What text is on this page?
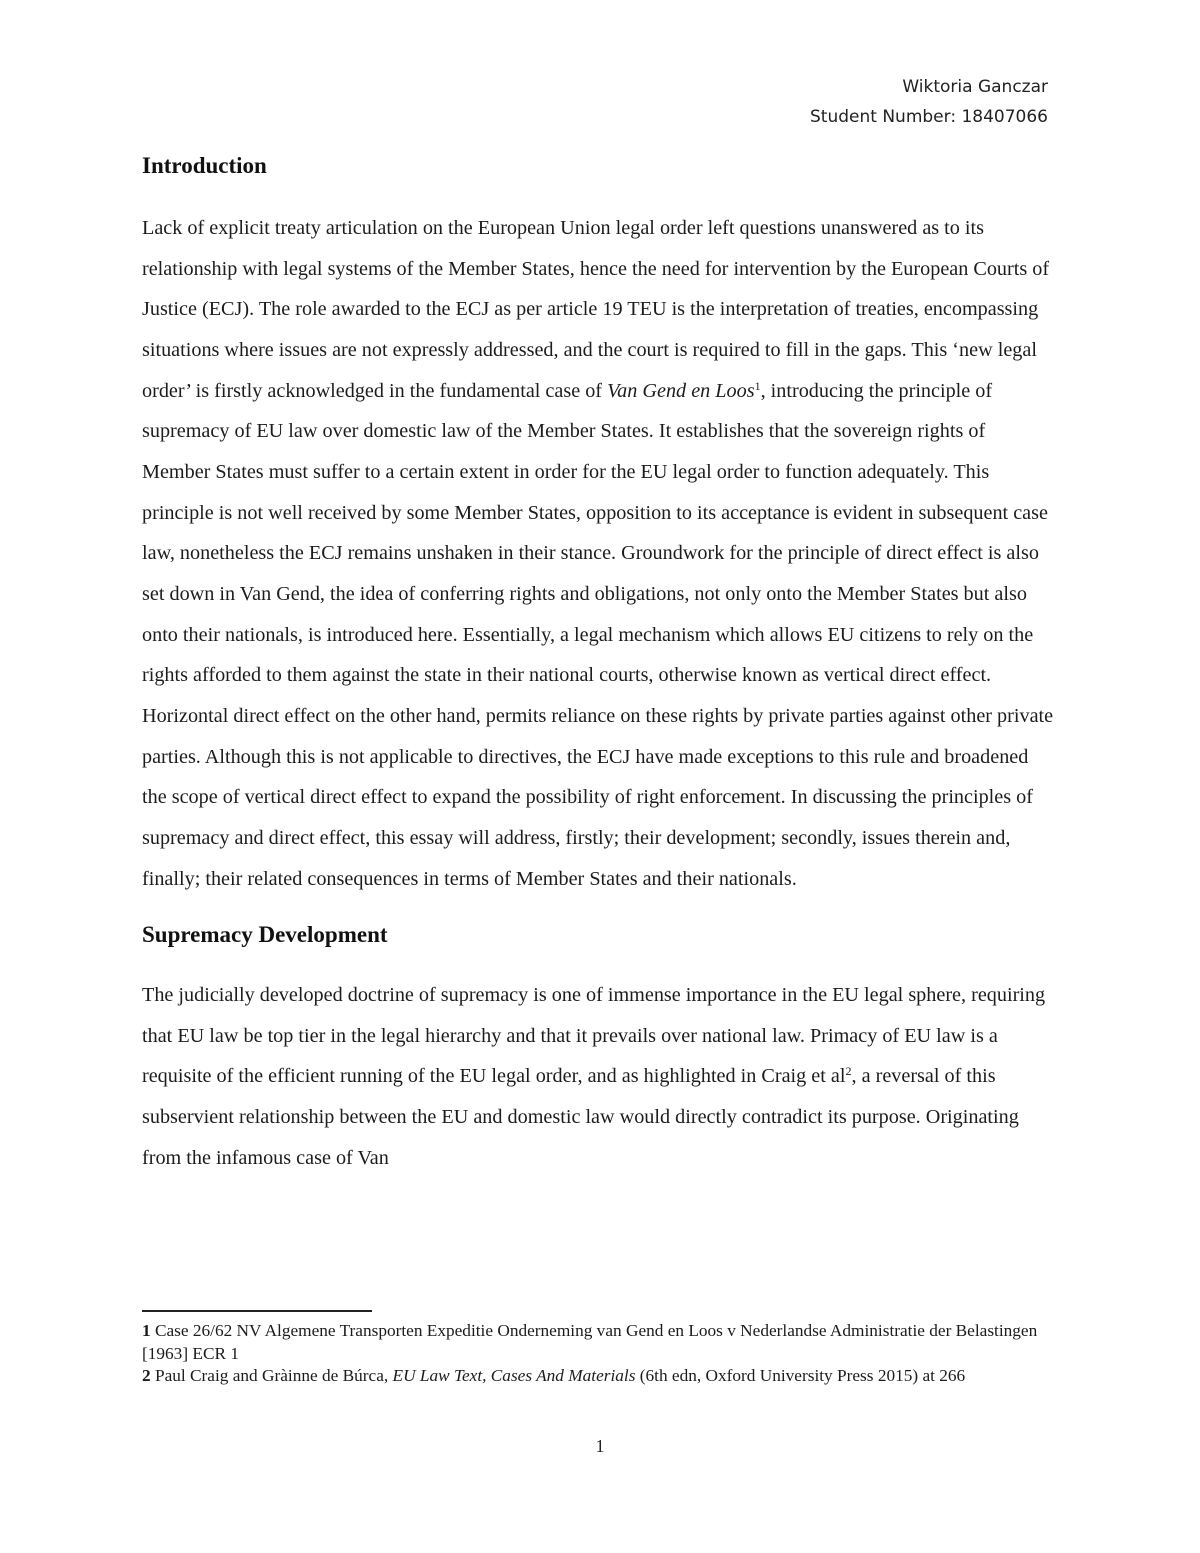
Wiktoria Ganczar
Student Number: 18407066
Introduction

Lack of explicit treaty articulation on the European Union legal order left questions unanswered as to its relationship with legal systems of the Member States, hence the need for intervention by the European Courts of Justice (ECJ). The role awarded to the ECJ as per article 19 TEU is the interpretation of treaties, encompassing situations where issues are not expressly addressed, and the court is required to fill in the gaps. This ‘new legal order’ is firstly acknowledged in the fundamental case of Van Gend en Loos$^1$, introducing the principle of supremacy of EU law over domestic law of the Member States. It establishes that the sovereign rights of Member States must suffer to a certain extent in order for the EU legal order to function adequately. This principle is not well received by some Member States, opposition to its acceptance is evident in subsequent case law, nonetheless the ECJ remains unshaken in their stance. Groundwork for the principle of direct effect is also set down in Van Gend, the idea of conferring rights and obligations, not only onto the Member States but also onto their nationals, is introduced here. Essentially, a legal mechanism which allows EU citizens to rely on the rights afforded to them against the state in their national courts, otherwise known as vertical direct effect. Horizontal direct effect on the other hand, permits reliance on these rights by private parties against other private parties. Although this is not applicable to directives, the ECJ have made exceptions to this rule and broadened the scope of vertical direct effect to expand the possibility of right enforcement. In discussing the principles of supremacy and direct effect, this essay will address, firstly; their development; secondly, issues therein and, finally; their related consequences in terms of Member States and their nationals.

Supremacy Development

The judicially developed doctrine of supremacy is one of immense importance in the EU legal sphere, requiring that EU law be top tier in the legal hierarchy and that it prevails over national law. Primacy of EU law is a requisite of the efficient running of the EU legal order, and as highlighted in Craig et $al^2$, a reversal of this subservient relationship between the EU and domestic law would directly contradict its purpose. Originating from the infamous case of Van

1 Case 26/62 NV Algemene Transporten Expeditie Onderneming van Gend en Loos v Nederlandse Administratie der Belastingen [1963] ECR 1

2 Paul Craig and Gràinne de Búrca, EU Law Text, Cases And Materials (6th edn, Oxford University Press 2015) at 266

1
